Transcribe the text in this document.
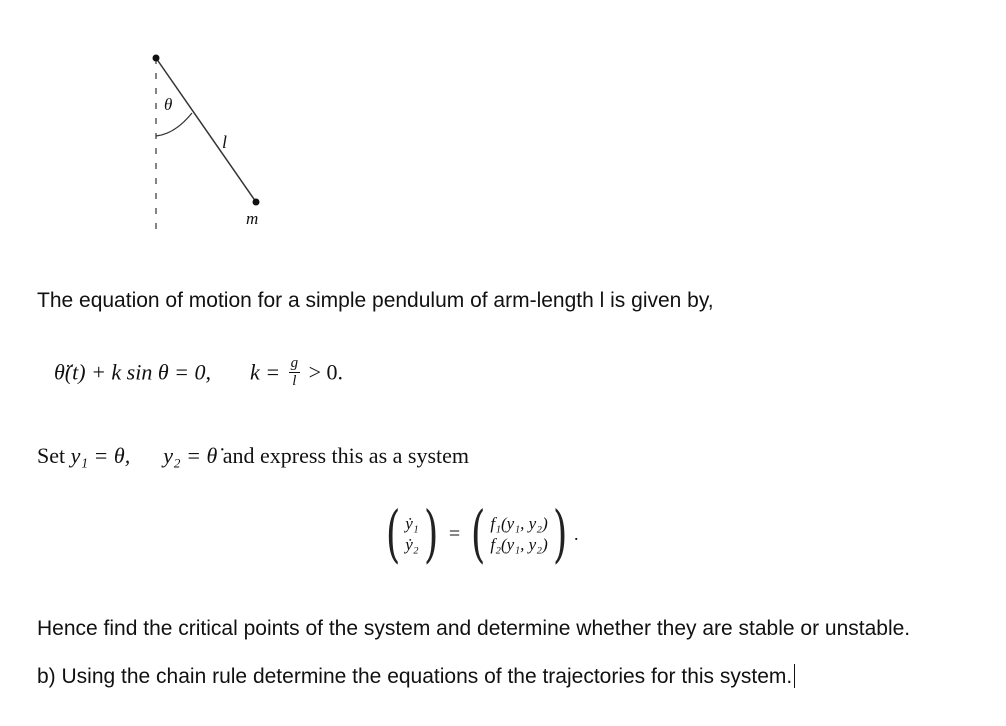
θ
l
m
The equation of motion for a simple pendulum of arm-length l is given by,
θ̈(t) + k sin θ = 0, $k = \frac{g}{l} > 0$.
Set y₁ = θ, y₂ = θ̇ and express this as a system
( ẏ₁
ẏ₂ ) = ( f₁(y₁, y₂)
f₂(y₁, y₂) ) .
Hence find the critical points of the system and determine whether they are stable or unstable.
b) Using the chain rule determine the equations of the trajectories for this system.
